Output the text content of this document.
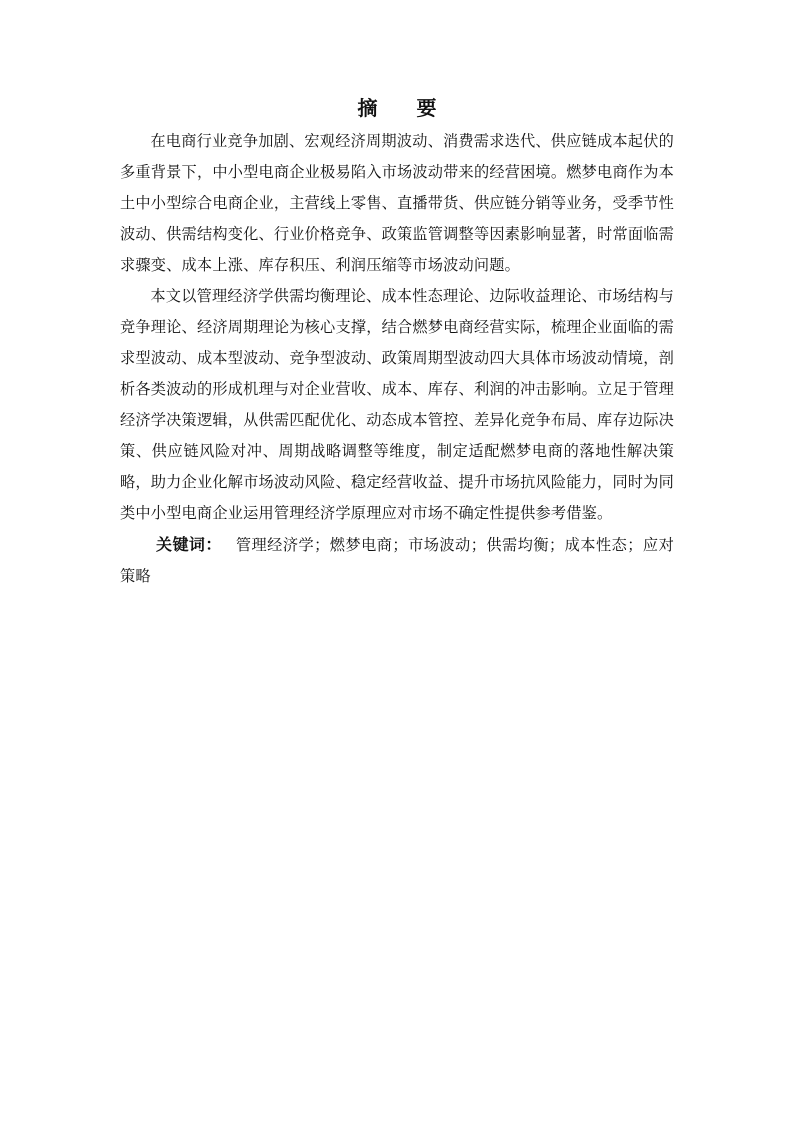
摘 要

在电商行业竞争加剧、宏观经济周期波动、消费需求迭代、供应链成本起伏的多重背景下，中小型电商企业极易陷入市场波动带来的经营困境。燃梦电商作为本土中小型综合电商企业，主营线上零售、直播带货、供应链分销等业务，受季节性波动、供需结构变化、行业价格竞争、政策监管调整等因素影响显著，时常面临需求骤变、成本上涨、库存积压、利润压缩等市场波动问题。

本文以管理经济学供需均衡理论、成本性态理论、边际收益理论、市场结构与竞争理论、经济周期理论为核心支撑，结合燃梦电商经营实际，梳理企业面临的需求型波动、成本型波动、竞争型波动、政策周期型波动四大具体市场波动情境，剖析各类波动的形成机理与对企业营收、成本、库存、利润的冲击影响。立足于管理经济学决策逻辑，从供需匹配优化、动态成本管控、差异化竞争布局、库存边际决策、供应链风险对冲、周期战略调整等维度，制定适配燃梦电商的落地性解决策略，助力企业化解市场波动风险、稳定经营收益、提升市场抗风险能力，同时为同类中小型电商企业运用管理经济学原理应对市场不确定性提供参考借鉴。

关键词： 管理经济学；燃梦电商；市场波动；供需均衡；成本性态；应对策略
